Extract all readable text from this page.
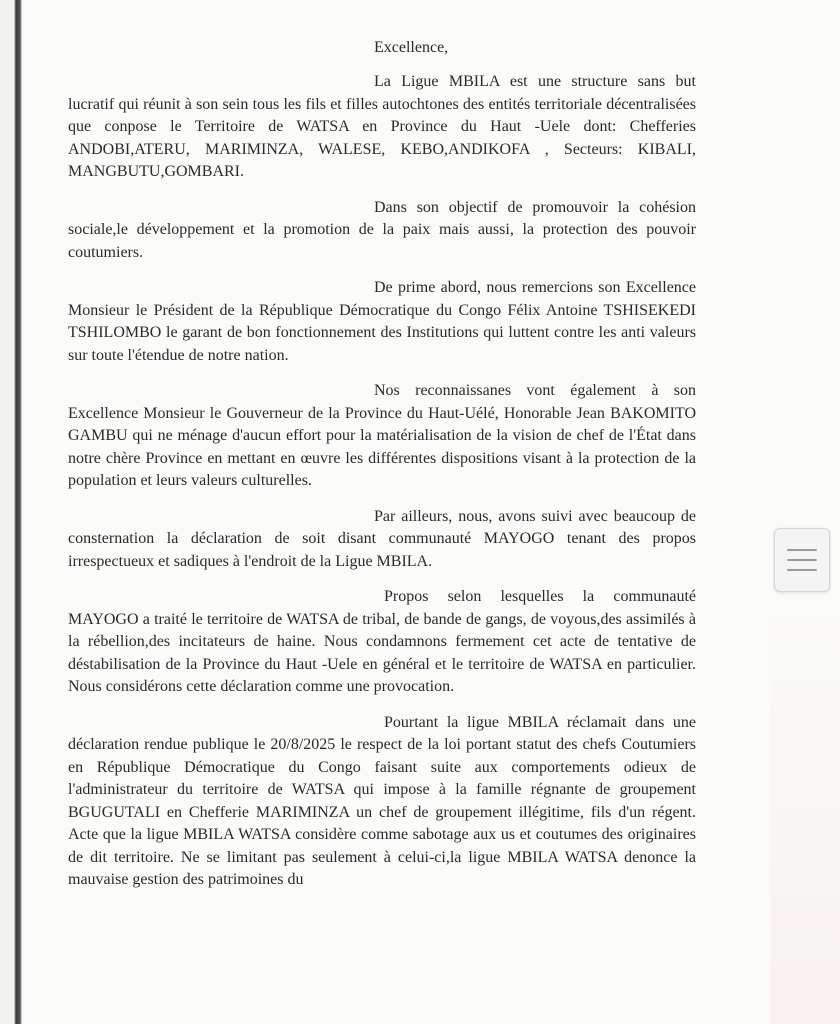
Excellence,

La Ligue MBILA est une structure sans but lucratif qui réunit à son sein tous les fils et filles autochtones des entités territoriale décentralisées que conpose le Territoire de WATSA en Province du Haut -Uele dont: Chefferies ANDOBI,ATERU, MARIMINZA, WALESE, KEBO,ANDIKOFA , Secteurs: KIBALI, MANGBUTU,GOMBARI.

Dans son objectif de promouvoir la cohésion sociale,le développement et la promotion de la paix mais aussi, la protection des pouvoir coutumiers.

De prime abord, nous remercions son Excellence Monsieur le Président de la République Démocratique du Congo Félix Antoine TSHISEKEDI TSHILOMBO le garant de bon fonctionnement des Institutions qui luttent contre les anti valeurs sur toute l'étendue de notre nation.

Nos reconnaissanes vont également à son Excellence Monsieur le Gouverneur de la Province du Haut-Uélé, Honorable Jean BAKOMITO GAMBU qui ne ménage d'aucun effort pour la matérialisation de la vision de chef de l'État dans notre chère Province en mettant en œuvre les différentes dispositions visant à la protection de la population et leurs valeurs culturelles.

Par ailleurs, nous, avons suivi avec beaucoup de consternation la déclaration de soit disant communauté MAYOGO tenant des propos irrespectueux et sadiques à l'endroit de la Ligue MBILA.

Propos selon lesquelles la communauté MAYOGO a traité le territoire de WATSA de tribal, de bande de gangs, de voyous,des assimilés à la rébellion,des incitateurs de haine. Nous condamnons fermement cet acte de tentative de déstabilisation de la Province du Haut -Uele en général et le territoire de WATSA en particulier. Nous considérons cette déclaration comme une provocation.

Pourtant la ligue MBILA réclamait dans une déclaration rendue publique le 20/8/2025 le respect de la loi portant statut des chefs Coutumiers en République Démocratique du Congo faisant suite aux comportements odieux de l'administrateur du territoire de WATSA qui impose à la famille régnante de groupement BGUGUTALI en Chefferie MARIMINZA un chef de groupement illégitime, fils d'un régent. Acte que la ligue MBILA WATSA considère comme sabotage aux us et coutumes des originaires de dit territoire. Ne se limitant pas seulement à celui-ci,la ligue MBILA WATSA denonce la mauvaise gestion des patrimoines du
